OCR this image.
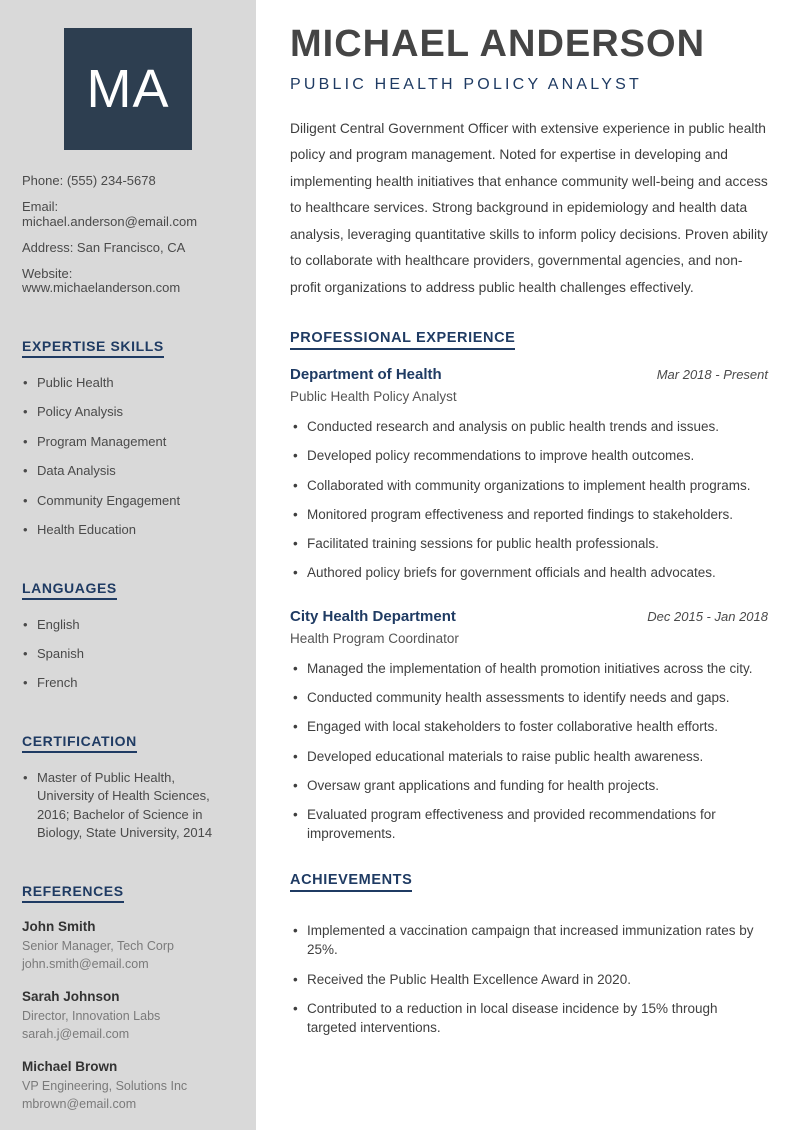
MA
Phone: (555) 234-5678
Email: michael.anderson@email.com
Address: San Francisco, CA
Website: www.michaelanderson.com
EXPERTISE SKILLS
• Public Health
• Policy Analysis
• Program Management
• Data Analysis
• Community Engagement
• Health Education
LANGUAGES
• English
• Spanish
• French
CERTIFICATION
• Master of Public Health, University of Health Sciences, 2016; Bachelor of Science in Biology, State University, 2014
REFERENCES
John Smith
Senior Manager, Tech Corp
john.smith@email.com
Sarah Johnson
Director, Innovation Labs
sarah.j@email.com
Michael Brown
VP Engineering, Solutions Inc
mbrown@email.com
MICHAEL ANDERSON
PUBLIC HEALTH POLICY ANALYST

Diligent Central Government Officer with extensive experience in public health policy and program management. Noted for expertise in developing and implementing health initiatives that enhance community well-being and access to healthcare services. Strong background in epidemiology and health data analysis, leveraging quantitative skills to inform policy decisions. Proven ability to collaborate with healthcare providers, governmental agencies, and non-profit organizations to address public health challenges effectively.

PROFESSIONAL EXPERIENCE
Department of Health	Mar 2018 - Present
Public Health Policy Analyst
• Conducted research and analysis on public health trends and issues.
• Developed policy recommendations to improve health outcomes.
• Collaborated with community organizations to implement health programs.
• Monitored program effectiveness and reported findings to stakeholders.
• Facilitated training sessions for public health professionals.
• Authored policy briefs for government officials and health advocates.
City Health Department	Dec 2015 - Jan 2018
Health Program Coordinator
• Managed the implementation of health promotion initiatives across the city.
• Conducted community health assessments to identify needs and gaps.
• Engaged with local stakeholders to foster collaborative health efforts.
• Developed educational materials to raise public health awareness.
• Oversaw grant applications and funding for health projects.
• Evaluated program effectiveness and provided recommendations for improvements.
ACHIEVEMENTS
• Implemented a vaccination campaign that increased immunization rates by 25%.
• Received the Public Health Excellence Award in 2020.
• Contributed to a reduction in local disease incidence by 15% through targeted interventions.
